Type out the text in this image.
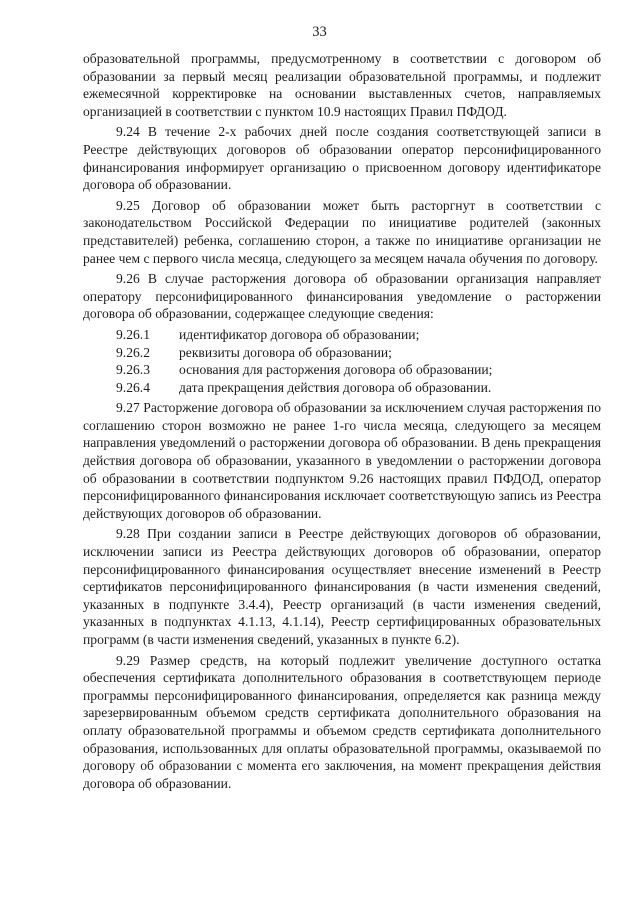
33

образовательной программы, предусмотренному в соответствии с договором об образовании за первый месяц реализации образовательной программы, и подлежит ежемесячной корректировке на основании выставленных счетов, направляемых организацией в соответствии с пунктом 10.9 настоящих Правил ПФДОД.

9.24 В течение 2-х рабочих дней после создания соответствующей записи в Реестре действующих договоров об образовании оператор персонифицированного финансирования информирует организацию о присвоенном договору идентификаторе договора об образовании.

9.25 Договор об образовании может быть расторгнут в соответствии с законодательством Российской Федерации по инициативе родителей (законных представителей) ребенка, соглашению сторон, а также по инициативе организации не ранее чем с первого числа месяца, следующего за месяцем начала обучения по договору.

9.26 В случае расторжения договора об образовании организация направляет оператору персонифицированного финансирования уведомление о расторжении договора об образовании, содержащее следующие сведения:

9.26.1	идентификатор договора об образовании;
9.26.2	реквизиты договора об образовании;
9.26.3	основания для расторжения договора об образовании;
9.26.4	дата прекращения действия договора об образовании.

9.27 Расторжение договора об образовании за исключением случая расторжения по соглашению сторон возможно не ранее 1-го числа месяца, следующего за месяцем направления уведомлений о расторжении договора об образовании. В день прекращения действия договора об образовании, указанного в уведомлении о расторжении договора об образовании в соответствии подпунктом 9.26 настоящих правил ПФДОД, оператор персонифицированного финансирования исключает соответствующую запись из Реестра действующих договоров об образовании.

9.28 При создании записи в Реестре действующих договоров об образовании, исключении записи из Реестра действующих договоров об образовании, оператор персонифицированного финансирования осуществляет внесение изменений в Реестр сертификатов персонифицированного финансирования (в части изменения сведений, указанных в подпункте 3.4.4), Реестр организаций (в части изменения сведений, указанных в подпунктах 4.1.13, 4.1.14), Реестр сертифицированных образовательных программ (в части изменения сведений, указанных в пункте 6.2).

9.29 Размер средств, на который подлежит увеличение доступного остатка обеспечения сертификата дополнительного образования в соответствующем периоде программы персонифицированного финансирования, определяется как разница между зарезервированным объемом средств сертификата дополнительного образования на оплату образовательной программы и объемом средств сертификата дополнительного образования, использованных для оплаты образовательной программы, оказываемой по договору об образовании с момента его заключения, на момент прекращения действия договора об образовании.
